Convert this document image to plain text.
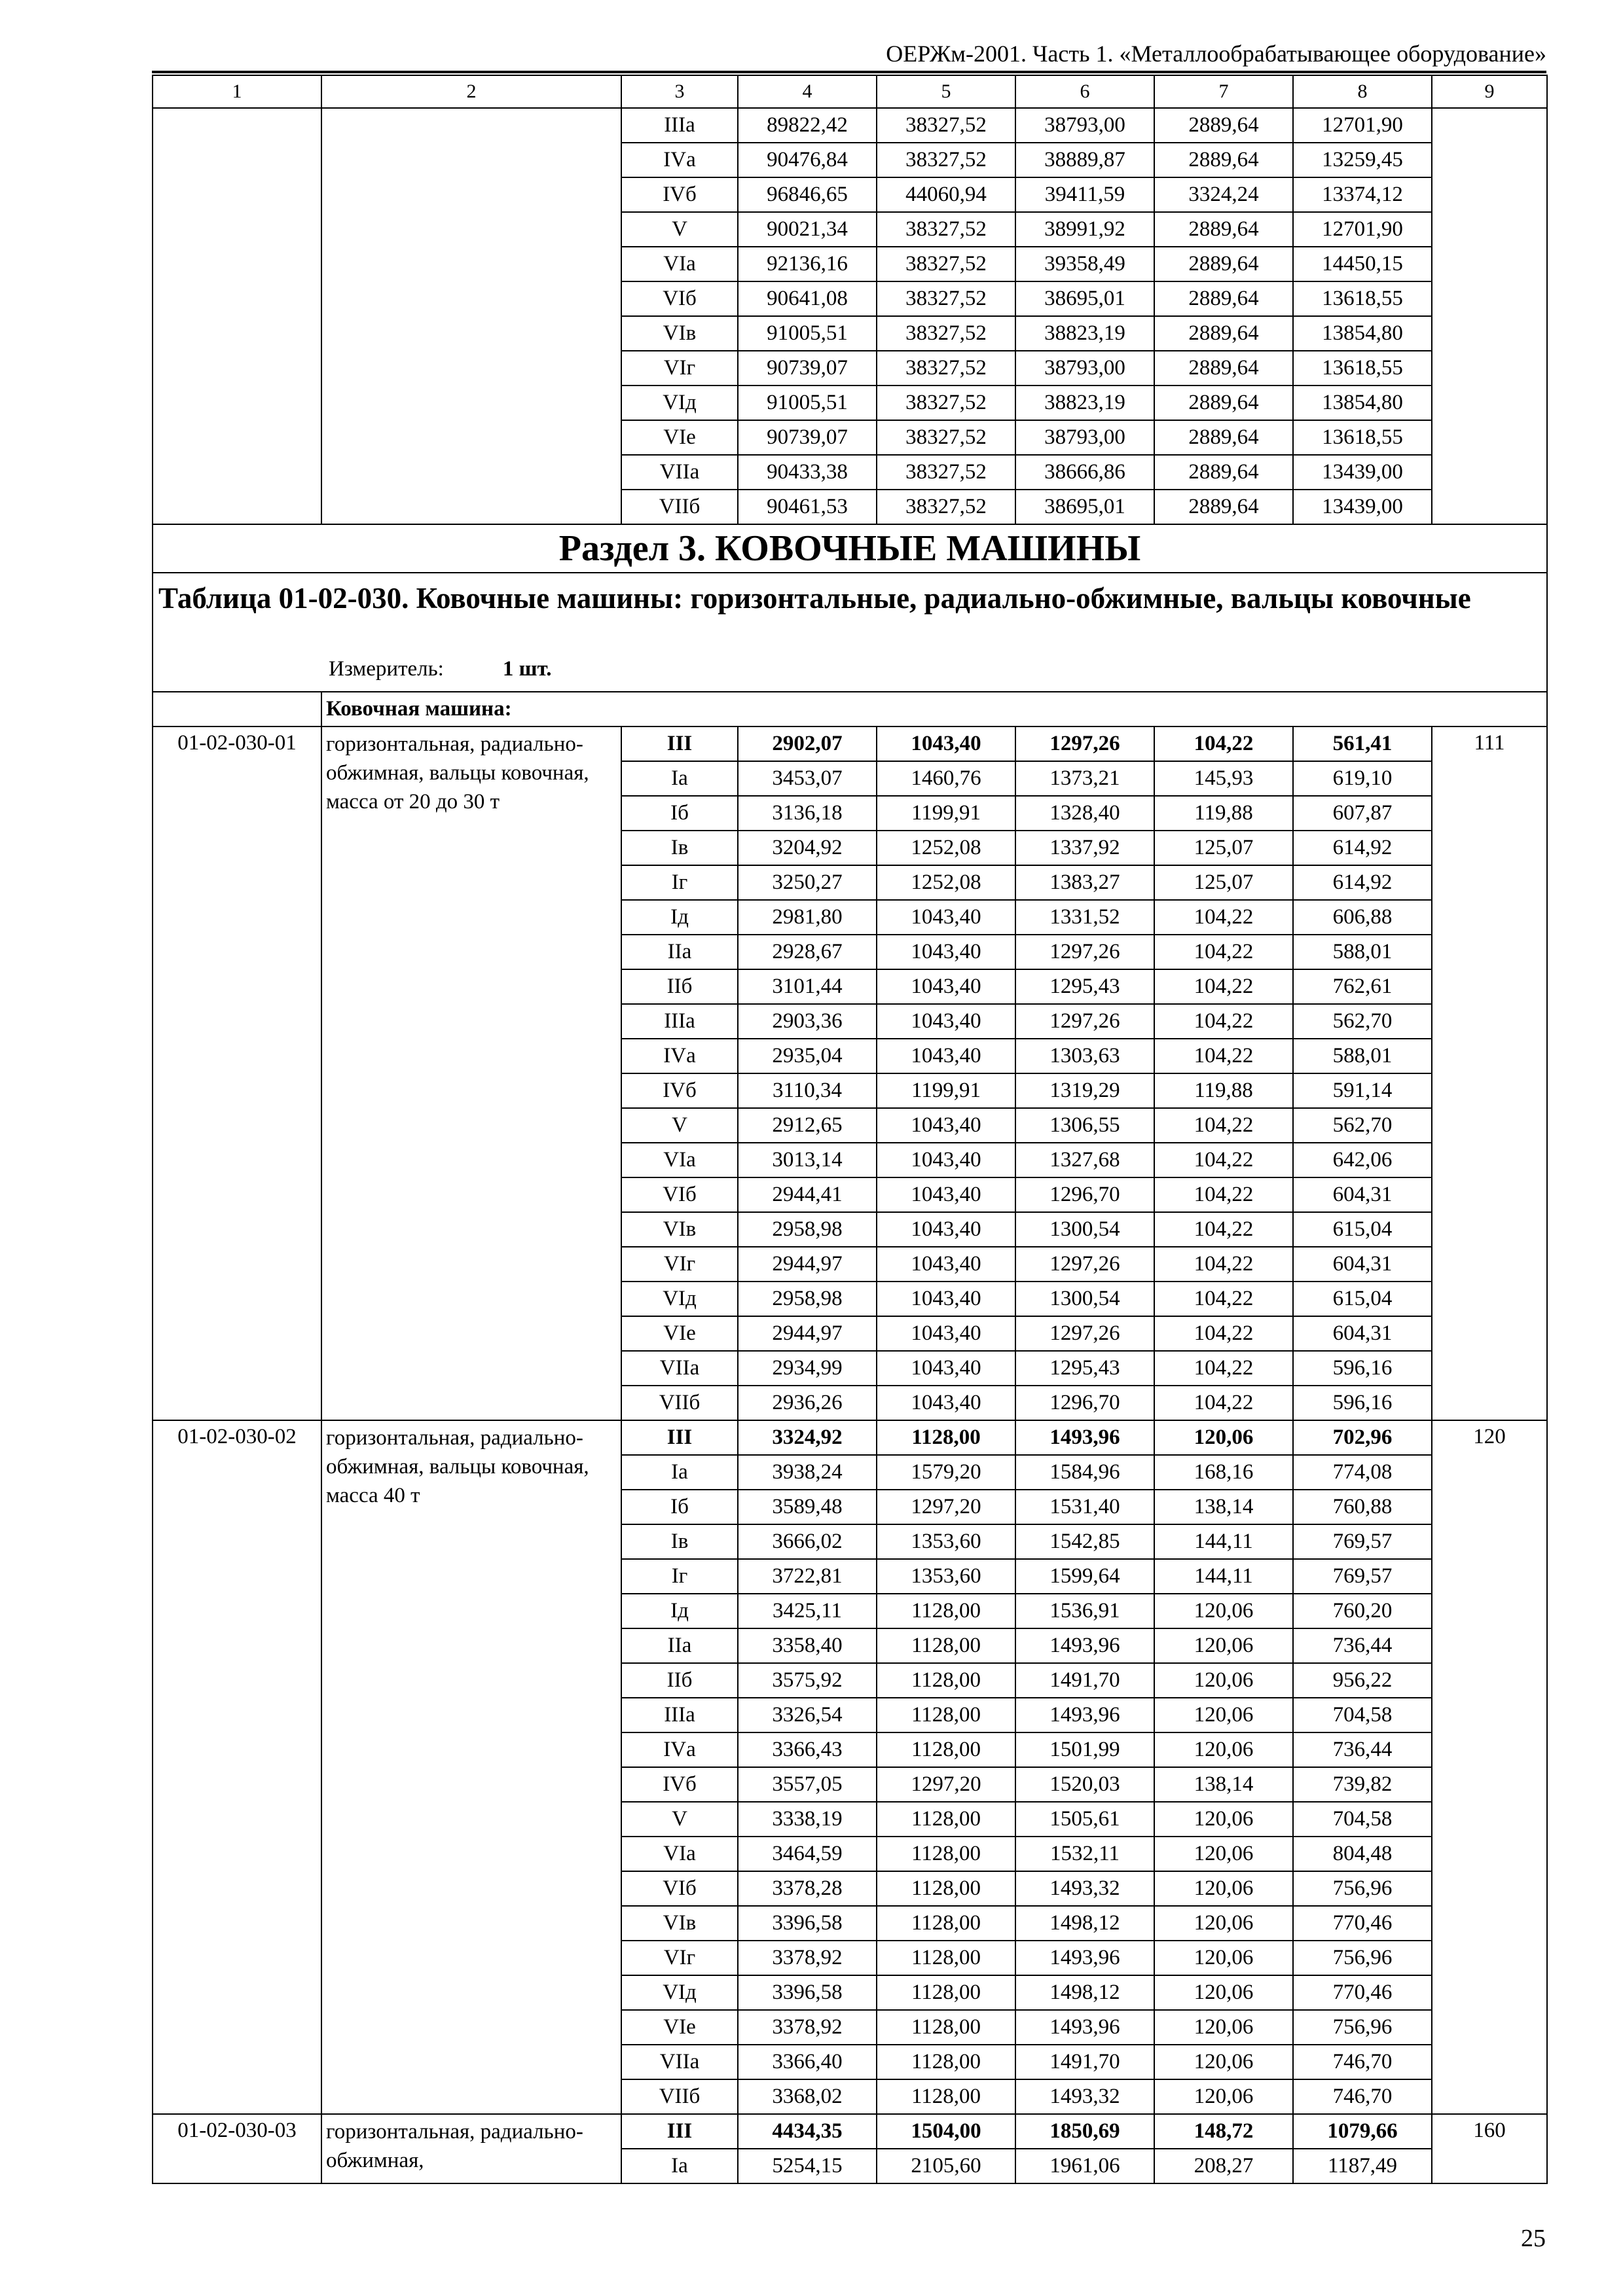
ОЕРЖм-2001. Часть 1. «Металлообрабатывающее оборудование»
1	2	3	4	5	6	7	8	9
		IIIа	89822,42	38327,52	38793,00	2889,64	12701,90	
		IVа	90476,84	38327,52	38889,87	2889,64	13259,45	
		IVб	96846,65	44060,94	39411,59	3324,24	13374,12	
		V	90021,34	38327,52	38991,92	2889,64	12701,90	
		VIа	92136,16	38327,52	39358,49	2889,64	14450,15	
		VIб	90641,08	38327,52	38695,01	2889,64	13618,55	
		VIв	91005,51	38327,52	38823,19	2889,64	13854,80	
		VIг	90739,07	38327,52	38793,00	2889,64	13618,55	
		VIд	91005,51	38327,52	38823,19	2889,64	13854,80	
		VIе	90739,07	38327,52	38793,00	2889,64	13618,55	
		VIIа	90433,38	38327,52	38666,86	2889,64	13439,00	
		VIIб	90461,53	38327,52	38695,01	2889,64	13439,00	
Раздел 3. КОВОЧНЫЕ МАШИНЫ								
Таблица 01-02-030. Ковочные машины: горизонтальные, радиально-обжимные, вальцы ковочные
Измеритель: 1 шт.								

	Ковочная машина:							
01-02-030-01	горизонтальная, радиально-обжимная, вальцы ковочная, масса от 20 до 30 т	III	2902,07	1043,40	1297,26	104,22	561,41	111
		Iа	3453,07	1460,76	1373,21	145,93	619,10	
		Iб	3136,18	1199,91	1328,40	119,88	607,87	
		Iв	3204,92	1252,08	1337,92	125,07	614,92	
		Iг	3250,27	1252,08	1383,27	125,07	614,92	
		Iд	2981,80	1043,40	1331,52	104,22	606,88	
		IIа	2928,67	1043,40	1297,26	104,22	588,01	
		IIб	3101,44	1043,40	1295,43	104,22	762,61	
		IIIа	2903,36	1043,40	1297,26	104,22	562,70	
		IVа	2935,04	1043,40	1303,63	104,22	588,01	
		IVб	3110,34	1199,91	1319,29	119,88	591,14	
		V	2912,65	1043,40	1306,55	104,22	562,70	
		VIа	3013,14	1043,40	1327,68	104,22	642,06	
		VIб	2944,41	1043,40	1296,70	104,22	604,31	
		VIв	2958,98	1043,40	1300,54	104,22	615,04	
		VIг	2944,97	1043,40	1297,26	104,22	604,31	
		VIд	2958,98	1043,40	1300,54	104,22	615,04	
		VIе	2944,97	1043,40	1297,26	104,22	604,31	
		VIIа	2934,99	1043,40	1295,43	104,22	596,16	
		VIIб	2936,26	1043,40	1296,70	104,22	596,16	
01-02-030-02	горизонтальная, радиально-обжимная, вальцы ковочная, масса 40 т	III	3324,92	1128,00	1493,96	120,06	702,96	120
		Iа	3938,24	1579,20	1584,96	168,16	774,08	
		Iб	3589,48	1297,20	1531,40	138,14	760,88	
		Iв	3666,02	1353,60	1542,85	144,11	769,57	
		Iг	3722,81	1353,60	1599,64	144,11	769,57	
		Iд	3425,11	1128,00	1536,91	120,06	760,20	
		IIа	3358,40	1128,00	1493,96	120,06	736,44	
		IIб	3575,92	1128,00	1491,70	120,06	956,22	
		IIIа	3326,54	1128,00	1493,96	120,06	704,58	
		IVа	3366,43	1128,00	1501,99	120,06	736,44	
		IVб	3557,05	1297,20	1520,03	138,14	739,82	
		V	3338,19	1128,00	1505,61	120,06	704,58	
		VIа	3464,59	1128,00	1532,11	120,06	804,48	
		VIб	3378,28	1128,00	1493,32	120,06	756,96	
		VIв	3396,58	1128,00	1498,12	120,06	770,46	
		VIг	3378,92	1128,00	1493,96	120,06	756,96	
		VIд	3396,58	1128,00	1498,12	120,06	770,46	
		VIе	3378,92	1128,00	1493,96	120,06	756,96	
		VIIа	3366,40	1128,00	1491,70	120,06	746,70	
		VIIб	3368,02	1128,00	1493,32	120,06	746,70	
01-02-030-03	горизонтальная, радиально-обжимная,	III	4434,35	1504,00	1850,69	148,72	1079,66	160
		Iа	5254,15	2105,60	1961,06	208,27	1187,49	
25
